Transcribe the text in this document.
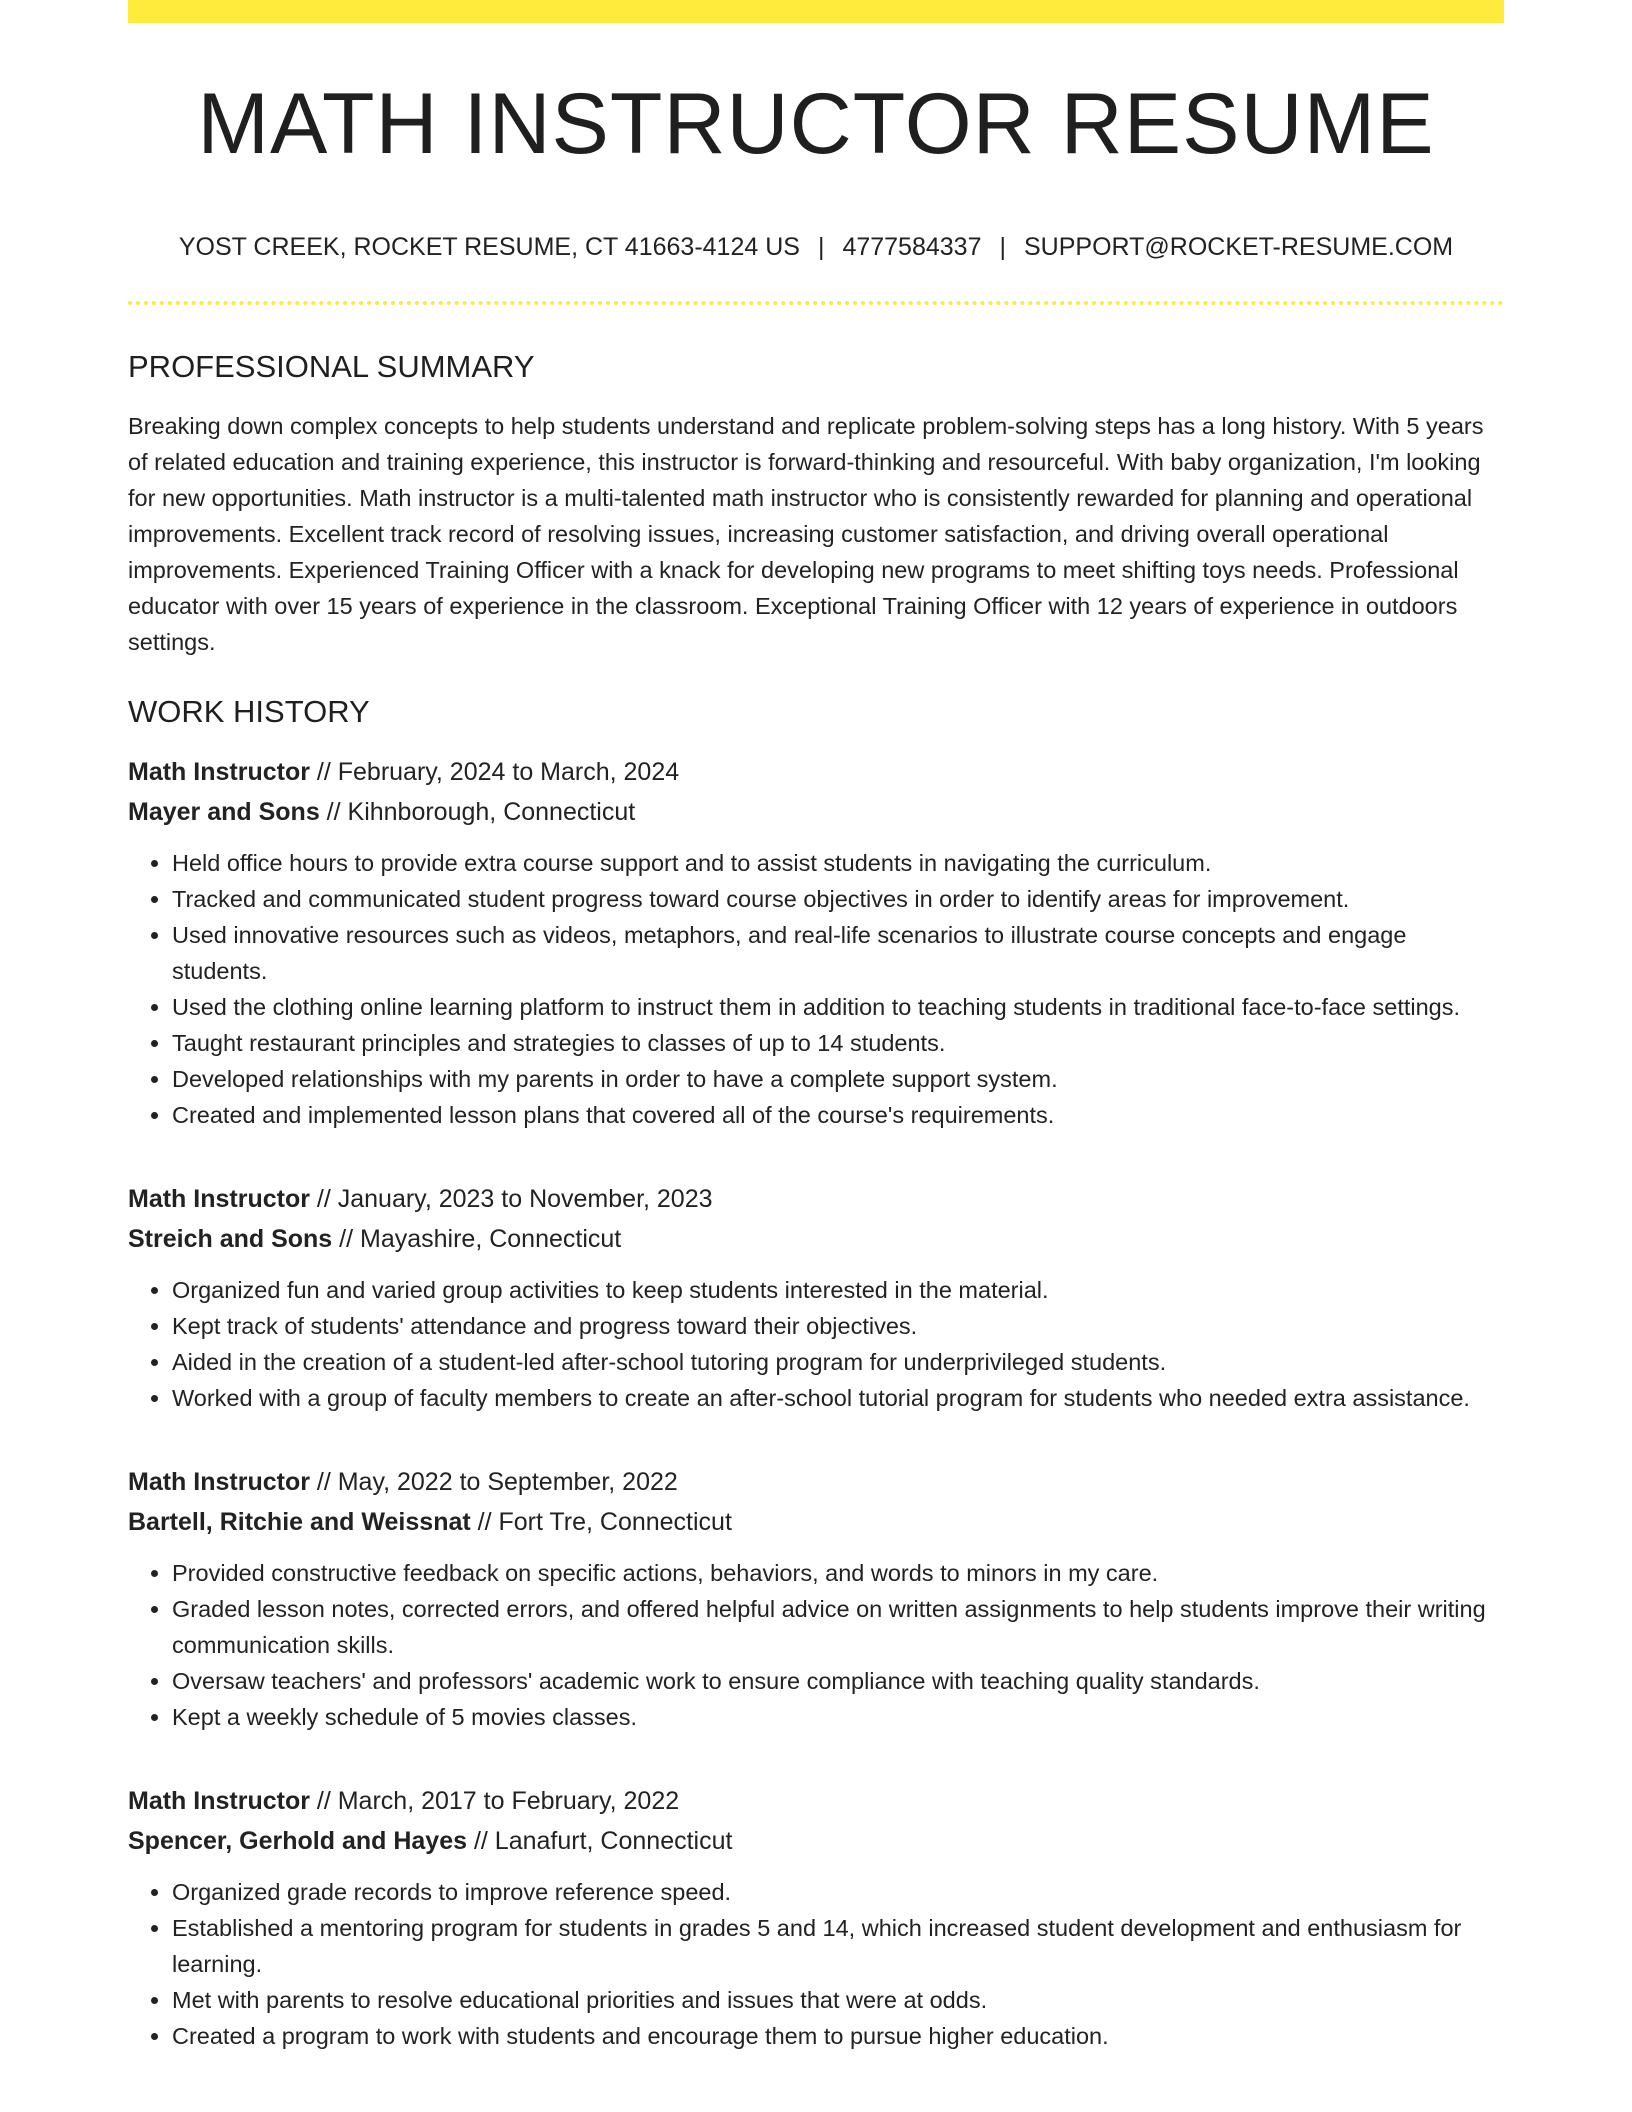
MATH INSTRUCTOR RESUME
YOST CREEK, ROCKET RESUME, CT 41663-4124 US | 4777584337 | SUPPORT@ROCKET-RESUME.COM
PROFESSIONAL SUMMARY

Breaking down complex concepts to help students understand and replicate problem-solving steps has a long history. With 5 years of related education and training experience, this instructor is forward-thinking and resourceful. With baby organization, I'm looking for new opportunities. Math instructor is a multi-talented math instructor who is consistently rewarded for planning and operational improvements. Excellent track record of resolving issues, increasing customer satisfaction, and driving overall operational improvements. Experienced Training Officer with a knack for developing new programs to meet shifting toys needs. Professional educator with over 15 years of experience in the classroom. Exceptional Training Officer with 12 years of experience in outdoors settings.

WORK HISTORY
Math Instructor // February, 2024 to March, 2024
Mayer and Sons // Kihnborough, Connecticut
• Held office hours to provide extra course support and to assist students in navigating the curriculum.
• Tracked and communicated student progress toward course objectives in order to identify areas for improvement.
• Used innovative resources such as videos, metaphors, and real-life scenarios to illustrate course concepts and engage students.
• Used the clothing online learning platform to instruct them in addition to teaching students in traditional face-to-face settings.
• Taught restaurant principles and strategies to classes of up to 14 students.
• Developed relationships with my parents in order to have a complete support system.
• Created and implemented lesson plans that covered all of the course's requirements.
Math Instructor // January, 2023 to November, 2023
Streich and Sons // Mayashire, Connecticut
• Organized fun and varied group activities to keep students interested in the material.
• Kept track of students' attendance and progress toward their objectives.
• Aided in the creation of a student-led after-school tutoring program for underprivileged students.
• Worked with a group of faculty members to create an after-school tutorial program for students who needed extra assistance.
Math Instructor // May, 2022 to September, 2022
Bartell, Ritchie and Weissnat // Fort Tre, Connecticut
• Provided constructive feedback on specific actions, behaviors, and words to minors in my care.
• Graded lesson notes, corrected errors, and offered helpful advice on written assignments to help students improve their writing communication skills.
• Oversaw teachers' and professors' academic work to ensure compliance with teaching quality standards.
• Kept a weekly schedule of 5 movies classes.
Math Instructor // March, 2017 to February, 2022
Spencer, Gerhold and Hayes // Lanafurt, Connecticut
• Organized grade records to improve reference speed.
• Established a mentoring program for students in grades 5 and 14, which increased student development and enthusiasm for learning.
• Met with parents to resolve educational priorities and issues that were at odds.
• Created a program to work with students and encourage them to pursue higher education.
